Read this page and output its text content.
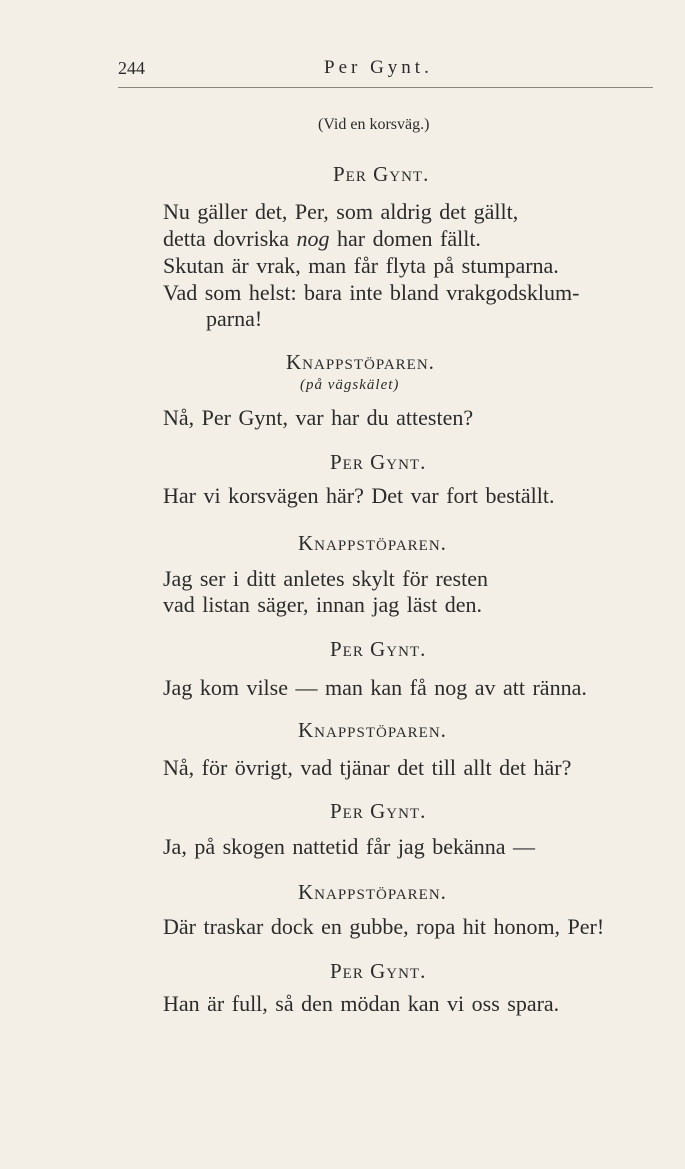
244	Per Gynt.
(Vid en korsväg.)
Per Gynt.
Nu gäller det, Per, som aldrig det gällt,
detta dovriska nog har domen fällt.
Skutan är vrak, man får flyta på stumparna.
Vad som helst: bara inte bland vrakgodsklum-
parna!
Knappstöparen.
(på vägskälet)
Nå, Per Gynt, var har du attesten?
Per Gynt.
Har vi korsvägen här? Det var fort beställt.
Knappstöparen.
Jag ser i ditt anletes skylt för resten
vad listan säger, innan jag läst den.
Per Gynt.
Jag kom vilse — man kan få nog av att ränna.
Knappstöparen.
Nå, för övrigt, vad tjänar det till allt det här?
Per Gynt.
Ja, på skogen nattetid får jag bekänna —
Knappstöparen.
Där traskar dock en gubbe, ropa hit honom, Per!
Per Gynt.
Han är full, så den mödan kan vi oss spara.
